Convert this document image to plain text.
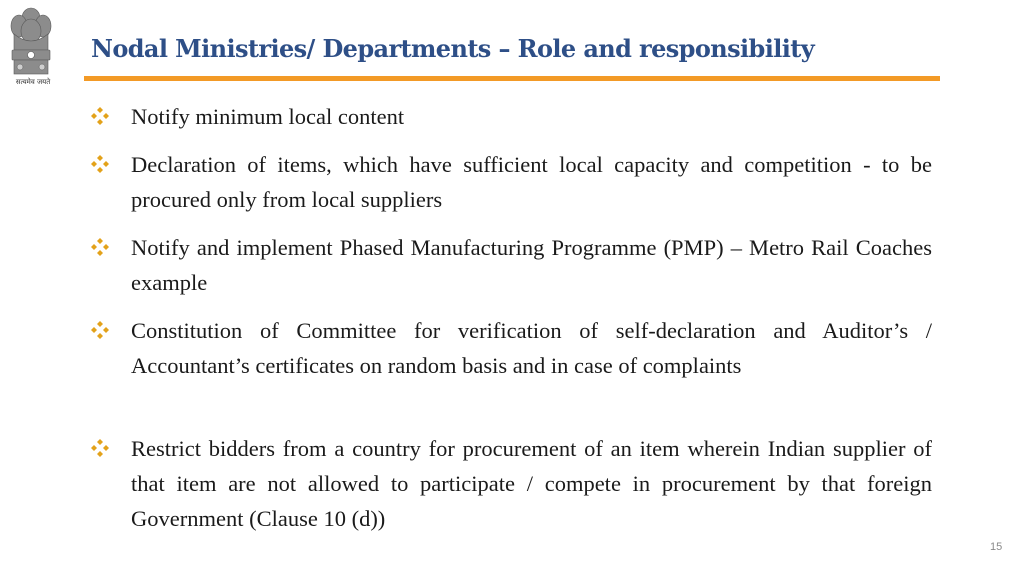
सत्यमेव जयते
Nodal Ministries/ Departments – Role and responsibility
Notify minimum local content
Declaration of items, which have sufficient local capacity and competition - to be procured only from local suppliers
Notify and implement Phased Manufacturing Programme (PMP) – Metro Rail Coaches example
Constitution of Committee for verification of self-declaration and Auditor’s / Accountant’s certificates on random basis and in case of complaints
Restrict bidders from a country for procurement of an item wherein Indian supplier of that item are not allowed to participate / compete in procurement by that foreign Government (Clause 10 (d))
15
